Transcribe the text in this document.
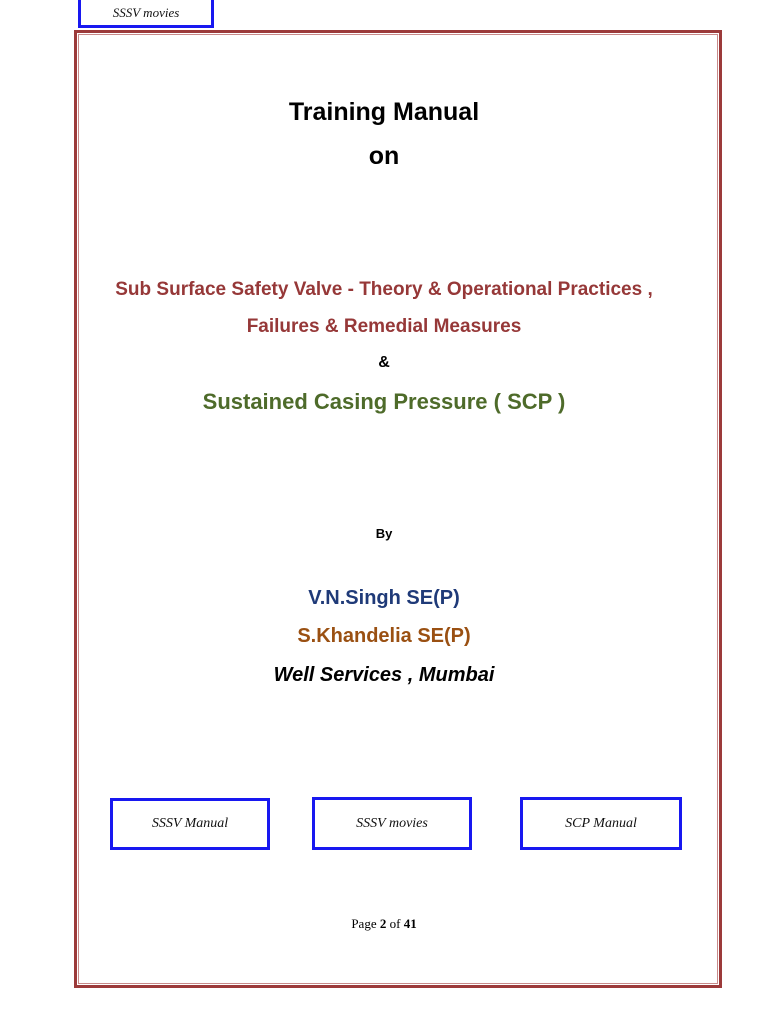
SSSV movies

Training Manual

on

Sub Surface Safety Valve - Theory & Operational Practices ,

Failures & Remedial Measures

&

Sustained Casing Pressure ( SCP )

By

V.N.Singh SE(P)

S.Khandelia SE(P)

Well Services , Mumbai

SSSV Manual	SSSV movies	SCP Manual
Page 2 of 41
